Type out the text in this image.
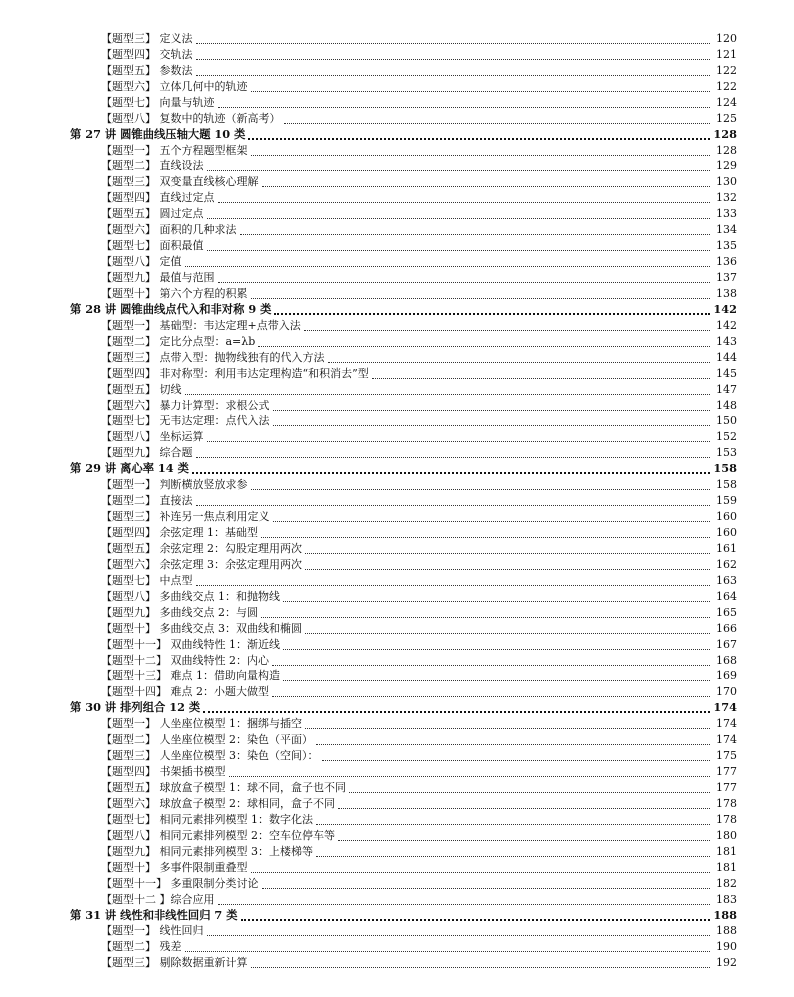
【题型三】 定义法	120
【题型四】 交轨法	121
【题型五】 参数法	122
【题型六】 立体几何中的轨迹	122
【题型七】 向量与轨迹	124
【题型八】 复数中的轨迹（新高考）	125
第 27 讲 圆锥曲线压轴大题 10 类	128
【题型一】 五个方程题型框架	128
【题型二】 直线设法	129
【题型三】 双变量直线核心理解	130
【题型四】 直线过定点	132
【题型五】 圆过定点	133
【题型六】 面积的几种求法	134
【题型七】 面积最值	135
【题型八】 定值	136
【题型九】 最值与范围	137
【题型十】 第六个方程的积累	138
第 28 讲 圆锥曲线点代入和非对称 9 类	142
【题型一】 基础型：韦达定理+点带入法	142
【题型二】 定比分点型：a=λb	143
【题型三】 点带入型：抛物线独有的代入方法	144
【题型四】 非对称型：利用韦达定理构造“和积消去”型	145
【题型五】 切线	147
【题型六】 暴力计算型：求根公式	148
【题型七】 无韦达定理：点代入法	150
【题型八】 坐标运算	152
【题型九】 综合题	153
第 29 讲 离心率 14 类	158
【题型一】 判断横放竖放求参	158
【题型二】 直接法	159
【题型三】 补连另一焦点利用定义	160
【题型四】 余弦定理 1：基础型	160
【题型五】 余弦定理 2：勾股定理用两次	161
【题型六】 余弦定理 3：余弦定理用两次	162
【题型七】 中点型	163
【题型八】 多曲线交点 1：和抛物线	164
【题型九】 多曲线交点 2：与圆	165
【题型十】 多曲线交点 3：双曲线和椭圆	166
【题型十一】 双曲线特性 1：渐近线	167
【题型十二】 双曲线特性 2：内心	168
【题型十三】 难点 1：借助向量构造	169
【题型十四】 难点 2：小题大做型	170
第 30 讲 排列组合 12 类	174
【题型一】 人坐座位模型 1：捆绑与插空	174
【题型二】 人坐座位模型 2：染色（平面）	174
【题型三】 人坐座位模型 3：染色（空间）：	175
【题型四】 书架插书模型	177
【题型五】 球放盒子模型 1：球不同，盒子也不同	177
【题型六】 球放盒子模型 2：球相同，盒子不同	178
【题型七】 相同元素排列模型 1：数字化法	178
【题型八】 相同元素排列模型 2：空车位停车等	180
【题型九】 相同元素排列模型 3：上楼梯等	181
【题型十】 多事件限制重叠型	181
【题型十一】 多重限制分类讨论	182
【题型十二 】综合应用	183
第 31 讲 线性和非线性回归 7 类	188
【题型一】 线性回归	188
【题型二】 残差	190
【题型三】 剔除数据重新计算	192
